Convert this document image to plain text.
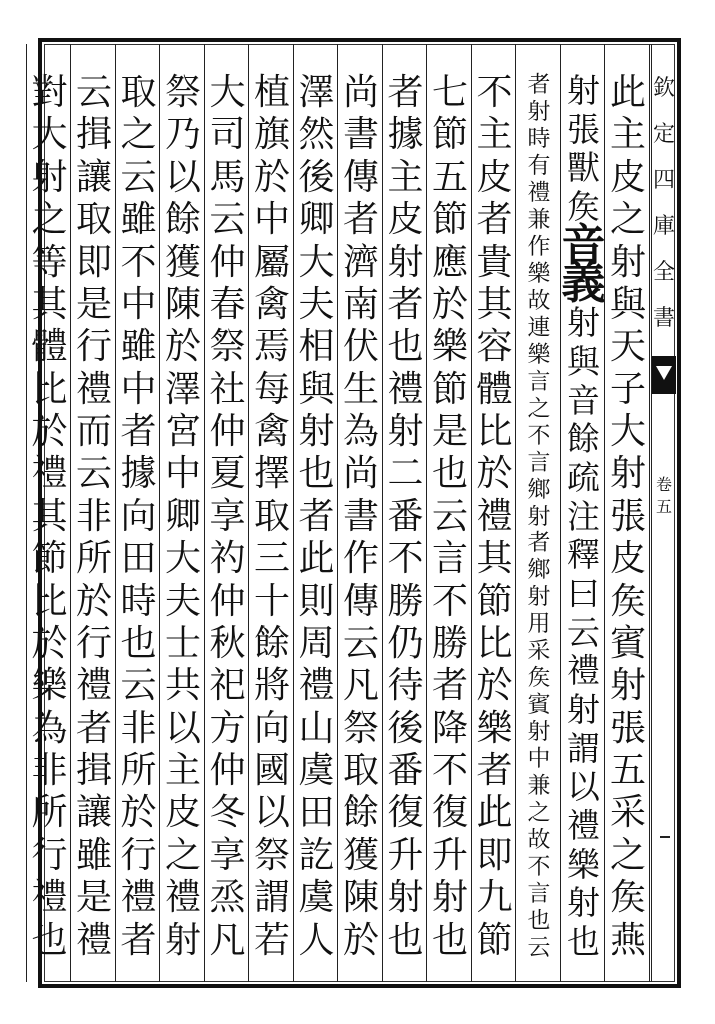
欽
定
四
庫
全
書
卷
五
此
主
皮
之
射
與
天
子
大
射
張
皮
矦
賓
射
張
五
采
之
矦
燕
射
張
獸
矦
音
義
射
與
音
餘
疏
注
釋
曰
云
禮
射
謂
以
禮
樂
射
也
者
射
時
有
禮
兼
作
樂
故
連
樂
言
之
不
言
鄉
射
者
鄉
射
用
采
矦
賓
射
中
兼
之
故
不
言
也
云
不
主
皮
者
貴
其
容
體
比
於
禮
其
節
比
於
樂
者
此
即
九
節
七
節
五
節
應
於
樂
節
是
也
云
言
不
勝
者
降
不
復
升
射
也
者
據
主
皮
射
者
也
禮
射
二
番
不
勝
仍
待
後
番
復
升
射
也
尚
書
傳
者
濟
南
伏
生
為
尚
書
作
傳
云
凡
祭
取
餘
獲
陳
於
澤
然
後
卿
大
夫
相
與
射
也
者
此
則
周
禮
山
虞
田
訖
虞
人
植
旗
於
中
屬
禽
焉
每
禽
擇
取
三
十
餘
將
向
國
以
祭
謂
若
大
司
馬
云
仲
春
祭
社
仲
夏
享
礿
仲
秋
祀
方
仲
冬
享
烝
凡
祭
乃
以
餘
獲
陳
於
澤
宮
中
卿
大
夫
士
共
以
主
皮
之
禮
射
取
之
云
雖
不
中
雖
中
者
據
向
田
時
也
云
非
所
於
行
禮
者
云
揖
讓
取
即
是
行
禮
而
云
非
所
於
行
禮
者
揖
讓
雖
是
禮
對
大
射
之
等
其
體
比
於
禮
其
節
比
於
樂
為
非
所
行
禮
也
